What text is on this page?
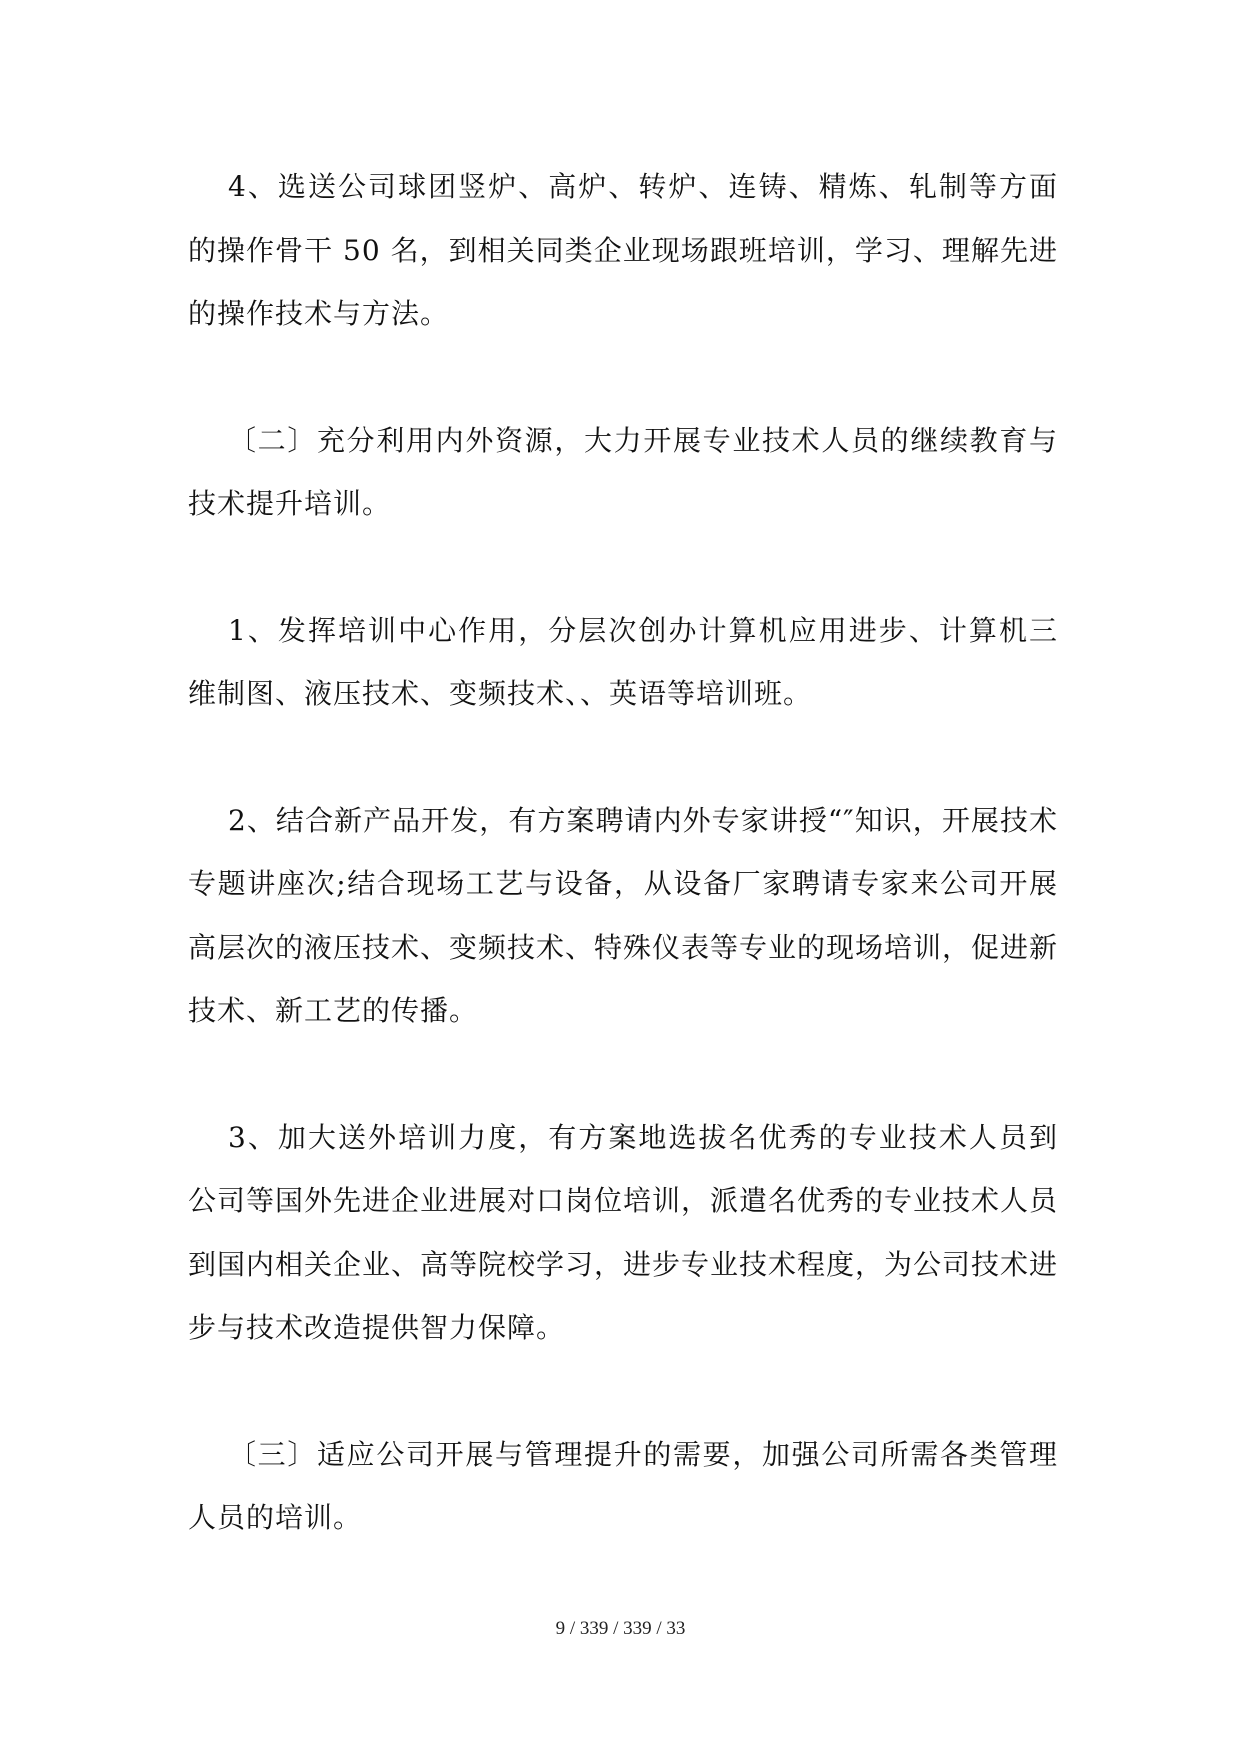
4、选送公司球团竖炉、高炉、转炉、连铸、精炼、轧制等方面的操作骨干 50 名，到相关同类企业现场跟班培训，学习、理解先进的操作技术与方法。

〔二〕充分利用内外资源，大力开展专业技术人员的继续教育与技术提升培训。

1、发挥培训中心作用，分层次创办计算机应用进步、计算机三维制图、液压技术、变频技术、、英语等培训班。

2、结合新产品开发，有方案聘请内外专家讲授“″知识，开展技术专题讲座次;结合现场工艺与设备，从设备厂家聘请专家来公司开展高层次的液压技术、变频技术、特殊仪表等专业的现场培训，促进新技术、新工艺的传播。

3、加大送外培训力度，有方案地选拔名优秀的专业技术人员到公司等国外先进企业进展对口岗位培训，派遣名优秀的专业技术人员到国内相关企业、高等院校学习，进步专业技术程度，为公司技术进步与技术改造提供智力保障。

〔三〕适应公司开展与管理提升的需要，加强公司所需各类管理人员的培训。

9 / 339 / 339 / 33
